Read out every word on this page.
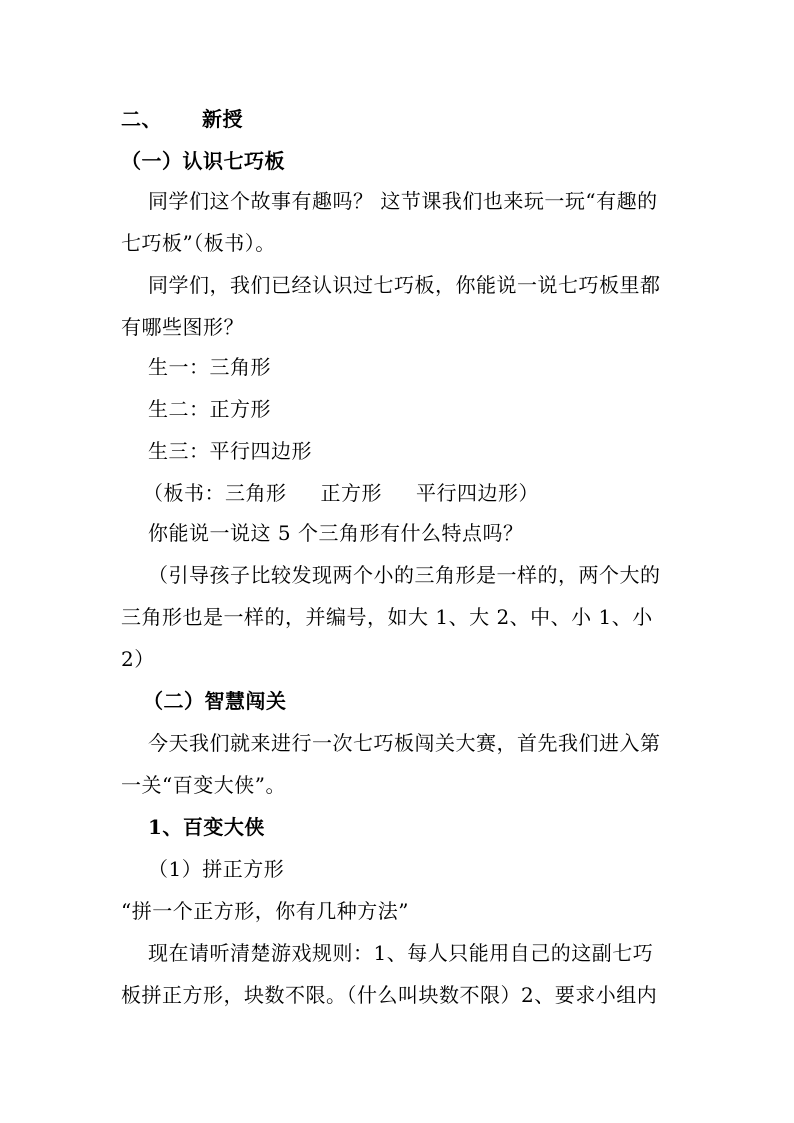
二、 新授
（一）认识七巧板
同学们这个故事有趣吗？ 这节课我们也来玩一玩“有趣的
七巧板”（板书）。
同学们，我们已经认识过七巧板，你能说一说七巧板里都
有哪些图形？
生一：三角形
生二：正方形
生三：平行四边形
（板书：三角形 正方形 平行四边形）
你能说一说这 5 个三角形有什么特点吗？
（引导孩子比较发现两个小的三角形是一样的，两个大的
三角形也是一样的，并编号，如大 1、大 2、中、小 1、小
2）
（二）智慧闯关
今天我们就来进行一次七巧板闯关大赛，首先我们进入第
一关“百变大侠”。
1、百变大侠
（1）拼正方形
“拼一个正方形，你有几种方法”
现在请听清楚游戏规则：1、每人只能用自己的这副七巧
板拼正方形，块数不限。（什么叫块数不限）2、要求小组内
